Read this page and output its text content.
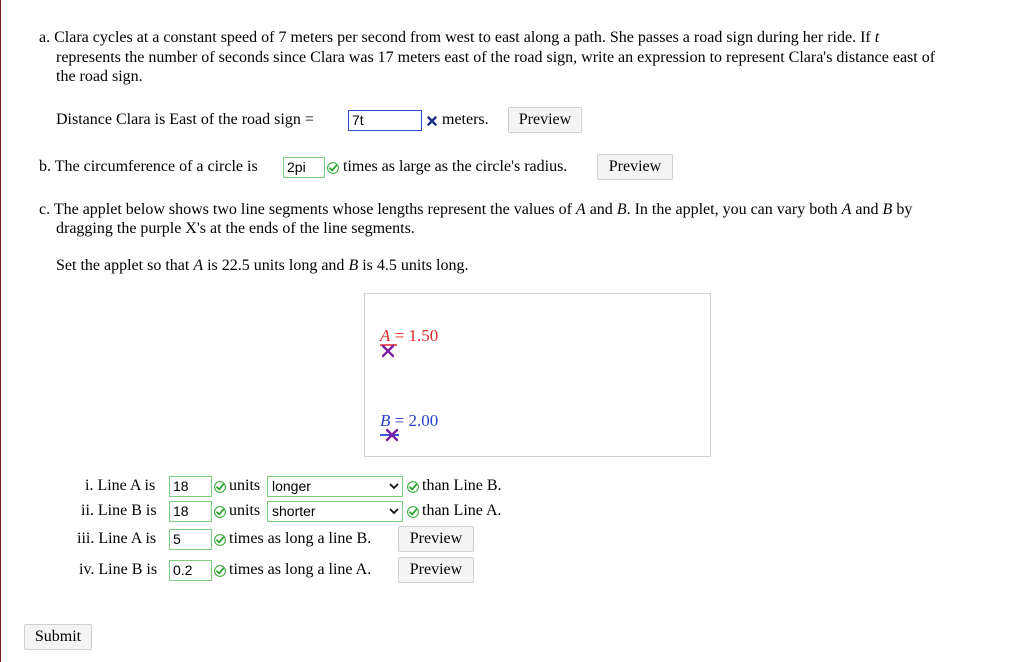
a. Clara cycles at a constant speed of 7 meters per second from west to east along a path. She passes a road sign during her ride. If t
represents the number of seconds since Clara was 17 meters east of the road sign, write an expression to represent Clara's distance east of
the road sign.
Distance Clara is East of the road sign =	7t	meters.	Preview
b. The circumference of a circle is 2pi	times as large as the circle's radius.	Preview
c. The applet below shows two line segments whose lengths represent the values of A and B. In the applet, you can vary both A and B by
dragging the purple X's at the ends of the line segments.
Set the applet so that A is 22.5 units long and B is 4.5 units long.
A = 1.50
B = 2.00
i. Line A is 18	units longer	than Line B.
ii. Line B is 18	units shorter	than Line A.
iii. Line A is 5	times as long a line B.	Preview
iv. Line B is 0.2	times as long a line A.	Preview
Submit
